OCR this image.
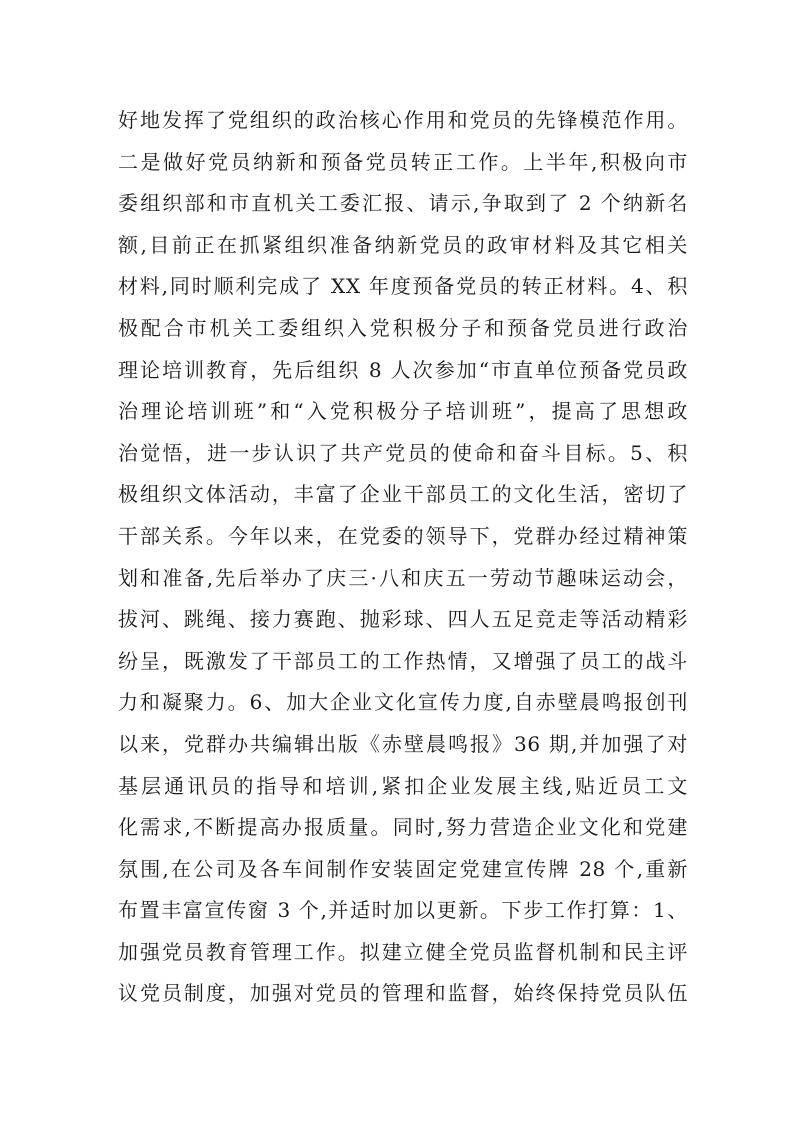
好地发挥了党组织的政治核心作用和党员的先锋模范作用。
二是做好党员纳新和预备党员转正工作。上半年,积极向市
委组织部和市直机关工委汇报、请示,争取到了 2 个纳新名
额,目前正在抓紧组织准备纳新党员的政审材料及其它相关
材料,同时顺利完成了 XX 年度预备党员的转正材料。4、积
极配合市机关工委组织入党积极分子和预备党员进行政治
理论培训教育，先后组织 8 人次参加“市直单位预备党员政
治理论培训班”和“入党积极分子培训班”，提高了思想政
治觉悟，进一步认识了共产党员的使命和奋斗目标。5、积
极组织文体活动，丰富了企业干部员工的文化生活，密切了
干部关系。今年以来，在党委的领导下，党群办经过精神策
划和准备,先后举办了庆三·八和庆五一劳动节趣味运动会，
拔河、跳绳、接力赛跑、抛彩球、四人五足竞走等活动精彩
纷呈，既激发了干部员工的工作热情，又增强了员工的战斗
力和凝聚力。6、加大企业文化宣传力度,自赤壁晨鸣报创刊
以来，党群办共编辑出版《赤壁晨鸣报》36 期,并加强了对
基层通讯员的指导和培训,紧扣企业发展主线,贴近员工文
化需求,不断提高办报质量。同时,努力营造企业文化和党建
氛围,在公司及各车间制作安装固定党建宣传牌 28 个,重新
布置丰富宣传窗 3 个,并适时加以更新。下步工作打算：1、
加强党员教育管理工作。拟建立健全党员监督机制和民主评
议党员制度，加强对党员的管理和监督，始终保持党员队伍
